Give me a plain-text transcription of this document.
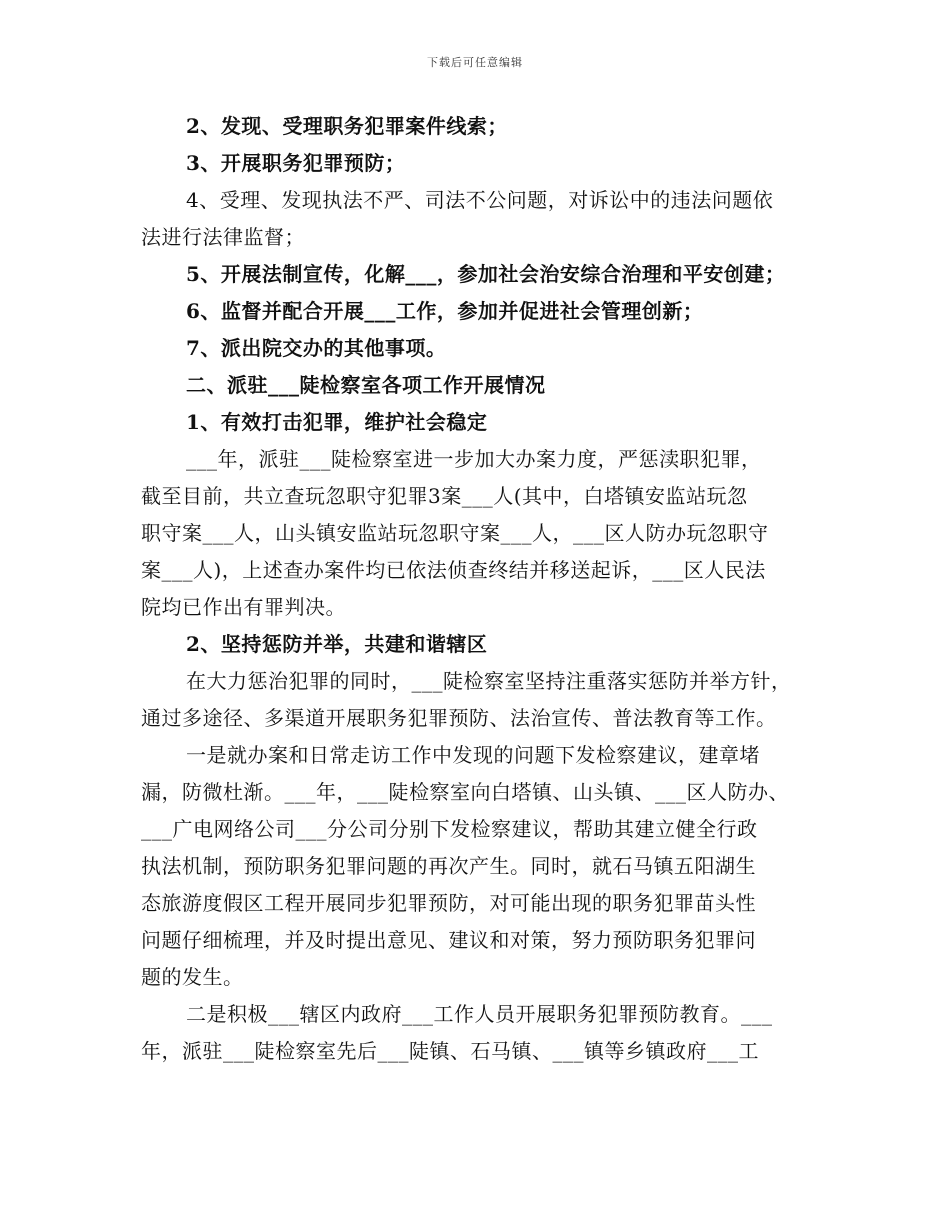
下载后可任意编辑
2、发现、受理职务犯罪案件线索；
3、开展职务犯罪预防；
4、受理、发现执法不严、司法不公问题，对诉讼中的违法问题依
法进行法律监督；
5、开展法制宣传，化解___，参加社会治安综合治理和平安创建；
6、监督并配合开展___工作，参加并促进社会管理创新；
7、派出院交办的其他事项。
二、派驻___陡检察室各项工作开展情况
1、有效打击犯罪，维护社会稳定
___年，派驻___陡检察室进一步加大办案力度，严惩渎职犯罪，
截至目前，共立查玩忽职守犯罪3案___人(其中，白塔镇安监站玩忽
职守案___人，山头镇安监站玩忽职守案___人，___区人防办玩忽职守
案___人)，上述查办案件均已依法侦查终结并移送起诉，___区人民法
院均已作出有罪判决。
2、坚持惩防并举，共建和谐辖区
在大力惩治犯罪的同时，___陡检察室坚持注重落实惩防并举方针，
通过多途径、多渠道开展职务犯罪预防、法治宣传、普法教育等工作。
一是就办案和日常走访工作中发现的问题下发检察建议，建章堵
漏，防微杜渐。___年，___陡检察室向白塔镇、山头镇、___区人防办、
___广电网络公司___分公司分别下发检察建议，帮助其建立健全行政
执法机制，预防职务犯罪问题的再次产生。同时，就石马镇五阳湖生
态旅游度假区工程开展同步犯罪预防，对可能出现的职务犯罪苗头性
问题仔细梳理，并及时提出意见、建议和对策，努力预防职务犯罪问
题的发生。
二是积极___辖区内政府___工作人员开展职务犯罪预防教育。___
年，派驻___陡检察室先后___陡镇、石马镇、___镇等乡镇政府___工
